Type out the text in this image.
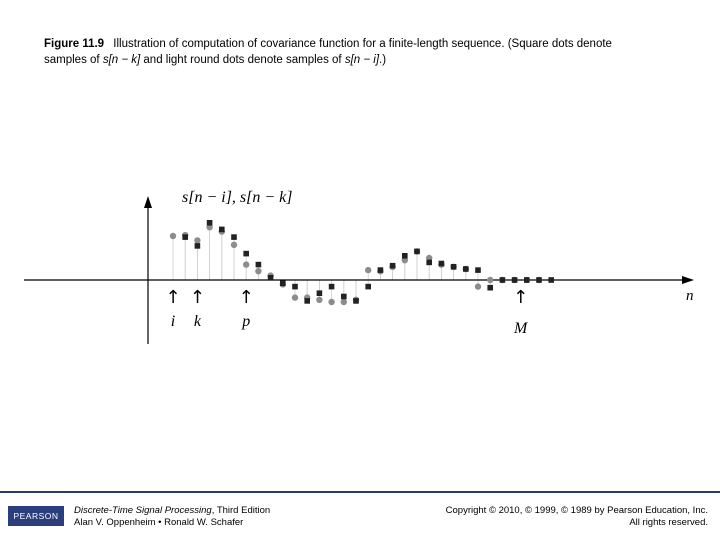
Figure 11.9 Illustration of computation of covariance function for a finite-length sequence. (Square dots denote
samples of s[n − k] and light round dots denote samples of s[n − i].)
s[n − i], s[n − k]
n
↑
i
↑
k
↑
p
↑
M
PEARSON	Discrete-Time Signal Processing, Third Edition
Alan V. Oppenheim • Ronald W. Schafer
Copyright © 2010, © 1999, © 1989 by Pearson Education, Inc.
All rights reserved.
